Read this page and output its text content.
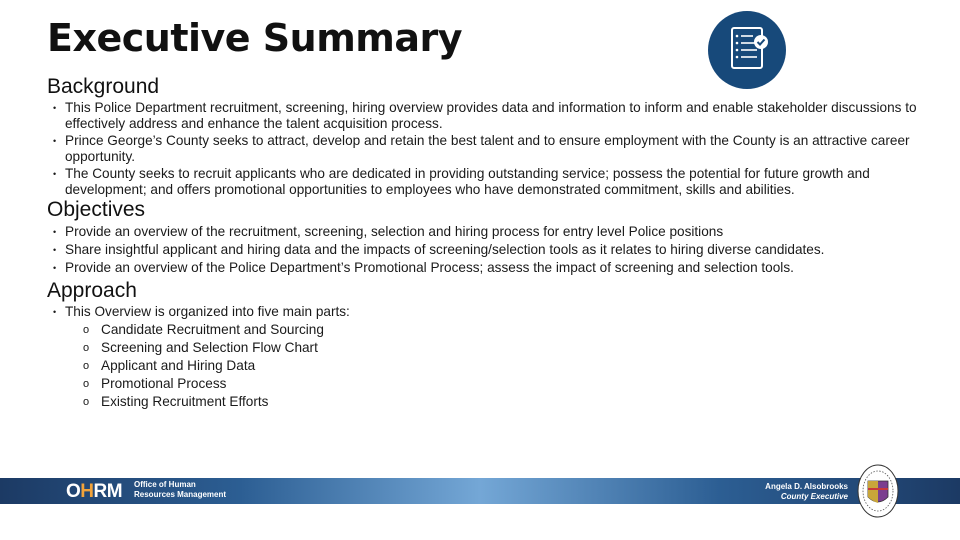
Executive Summary
Background
• This Police Department recruitment, screening, hiring overview provides data and information to inform and enable stakeholder discussions to effectively address and enhance the talent acquisition process.
• Prince George’s County seeks to attract, develop and retain the best talent and to ensure employment with the County is an attractive career opportunity.
• The County seeks to recruit applicants who are dedicated in providing outstanding service; possess the potential for future growth and development; and offers promotional opportunities to employees who have demonstrated commitment, skills and abilities.
Objectives
• Provide an overview of the recruitment, screening, selection and hiring process for entry level Police positions
• Share insightful applicant and hiring data and the impacts of screening/selection tools as it relates to hiring diverse candidates.
• Provide an overview of the Police Department’s Promotional Process; assess the impact of screening and selection tools.
Approach
• This Overview is organized into five main parts:
o Candidate Recruitment and Sourcing
o Screening and Selection Flow Chart
o Applicant and Hiring Data
o Promotional Process
o Existing Recruitment Efforts
OHRM Office of Human
Resources Management
Angela D. Alsobrooks
County Executive
